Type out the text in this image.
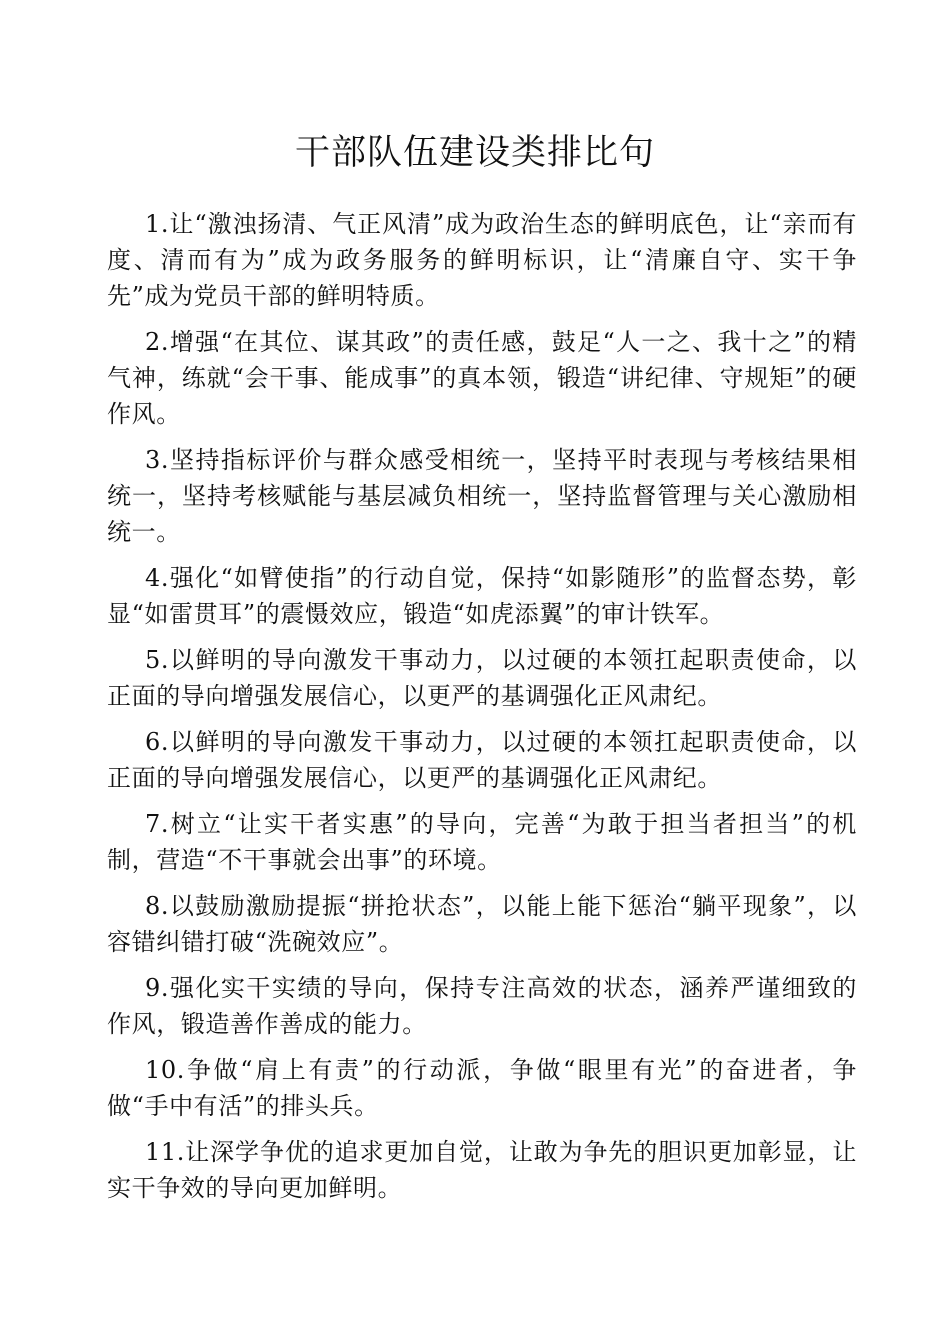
干部队伍建设类排比句

1.让“激浊扬清、气正风清”成为政治生态的鲜明底色，让“亲而有度、清而有为”成为政务服务的鲜明标识，让“清廉自守、实干争先”成为党员干部的鲜明特质。

2.增强“在其位、谋其政”的责任感，鼓足“人一之、我十之”的精气神，练就“会干事、能成事”的真本领，锻造“讲纪律、守规矩”的硬作风。

3.坚持指标评价与群众感受相统一，坚持平时表现与考核结果相统一，坚持考核赋能与基层减负相统一，坚持监督管理与关心激励相统一。

4.强化“如臂使指”的行动自觉，保持“如影随形”的监督态势，彰显“如雷贯耳”的震慑效应，锻造“如虎添翼”的审计铁军。

5.以鲜明的导向激发干事动力，以过硬的本领扛起职责使命，以正面的导向增强发展信心，以更严的基调强化正风肃纪。

6.以鲜明的导向激发干事动力，以过硬的本领扛起职责使命，以正面的导向增强发展信心，以更严的基调强化正风肃纪。

7.树立“让实干者实惠”的导向，完善“为敢于担当者担当”的机制，营造“不干事就会出事”的环境。

8.以鼓励激励提振“拼抢状态”，以能上能下惩治“躺平现象”，以容错纠错打破“洗碗效应”。

9.强化实干实绩的导向，保持专注高效的状态，涵养严谨细致的作风，锻造善作善成的能力。

10.争做“肩上有责”的行动派，争做“眼里有光”的奋进者，争做“手中有活”的排头兵。

11.让深学争优的追求更加自觉，让敢为争先的胆识更加彰显，让实干争效的导向更加鲜明。
